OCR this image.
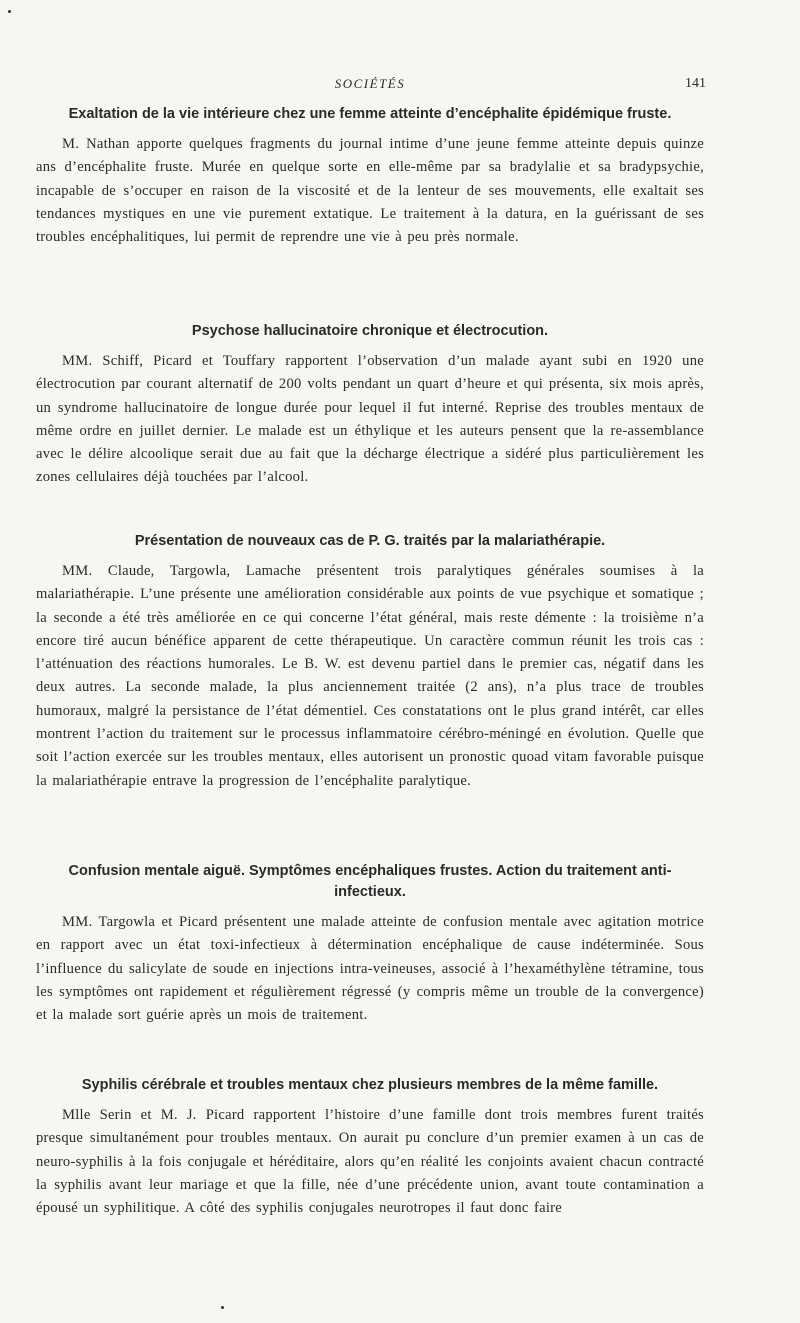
SOCIÉTÉS	141
Exaltation de la vie intérieure chez une femme atteinte d’encéphalite épidémique fruste.

M. Nathan apporte quelques fragments du journal intime d’une jeune femme atteinte depuis quinze ans d’encéphalite fruste. Murée en quelque sorte en elle-même par sa bradylalie et sa bradypsychie, incapable de s’occuper en raison de la viscosité et de la lenteur de ses mouvements, elle exaltait ses tendances mystiques en une vie purement extatique. Le traitement à la datura, en la guérissant de ses troubles encéphalitiques, lui permit de reprendre une vie à peu près normale.

Psychose hallucinatoire chronique et électrocution.

MM. Schiff, Picard et Touffary rapportent l’observation d’un malade ayant subi en 1920 une électrocution par courant alternatif de 200 volts pendant un quart d’heure et qui présenta, six mois après, un syndrome hallucinatoire de longue durée pour lequel il fut interné. Reprise des troubles mentaux de même ordre en juillet dernier. Le malade est un éthylique et les auteurs pensent que la re-assemblance avec le délire alcoolique serait due au fait que la décharge électrique a sidéré plus particulièrement les zones cellulaires déjà touchées par l’alcool.

Présentation de nouveaux cas de P. G. traités par la malariathérapie.

MM. Claude, Targowla, Lamache présentent trois paralytiques générales soumises à la malariathérapie. L’une présente une amélioration considérable aux points de vue psychique et somatique ; la seconde a été très améliorée en ce qui concerne l’état général, mais reste démente : la troisième n’a encore tiré aucun bénéfice apparent de cette thérapeutique. Un caractère commun réunit les trois cas : l’atténuation des réactions humorales. Le B. W. est devenu partiel dans le premier cas, négatif dans les deux autres. La seconde malade, la plus anciennement traitée (2 ans), n’a plus trace de troubles humoraux, malgré la persistance de l’état démentiel. Ces constatations ont le plus grand intérêt, car elles montrent l’action du traitement sur le processus inflammatoire cérébro-méningé en évolution. Quelle que soit l’action exercée sur les troubles mentaux, elles autorisent un pronostic quoad vitam favorable puisque la malariathérapie entrave la progression de l’encéphalite paralytique.

Confusion mentale aiguë. Symptômes encéphaliques frustes. Action du traitement anti-infectieux.

MM. Targowla et Picard présentent une malade atteinte de confusion mentale avec agitation motrice en rapport avec un état toxi-infectieux à détermination encéphalique de cause indéterminée. Sous l’influence du salicylate de soude en injections intra-veineuses, associé à l’hexaméthylène tétramine, tous les symptômes ont rapidement et régulièrement régressé (y compris même un trouble de la convergence) et la malade sort guérie après un mois de traitement.

Syphilis cérébrale et troubles mentaux chez plusieurs membres de la même famille.

Mlle Serin et M. J. Picard rapportent l’histoire d’une famille dont trois membres furent traités presque simultanément pour troubles mentaux. On aurait pu conclure d’un premier examen à un cas de neuro-syphilis à la fois conjugale et héréditaire, alors qu’en réalité les conjoints avaient chacun contracté la syphilis avant leur mariage et que la fille, née d’une précédente union, avant toute contamination a épousé un syphilitique. A côté des syphilis conjugales neurotropes il faut donc faire
